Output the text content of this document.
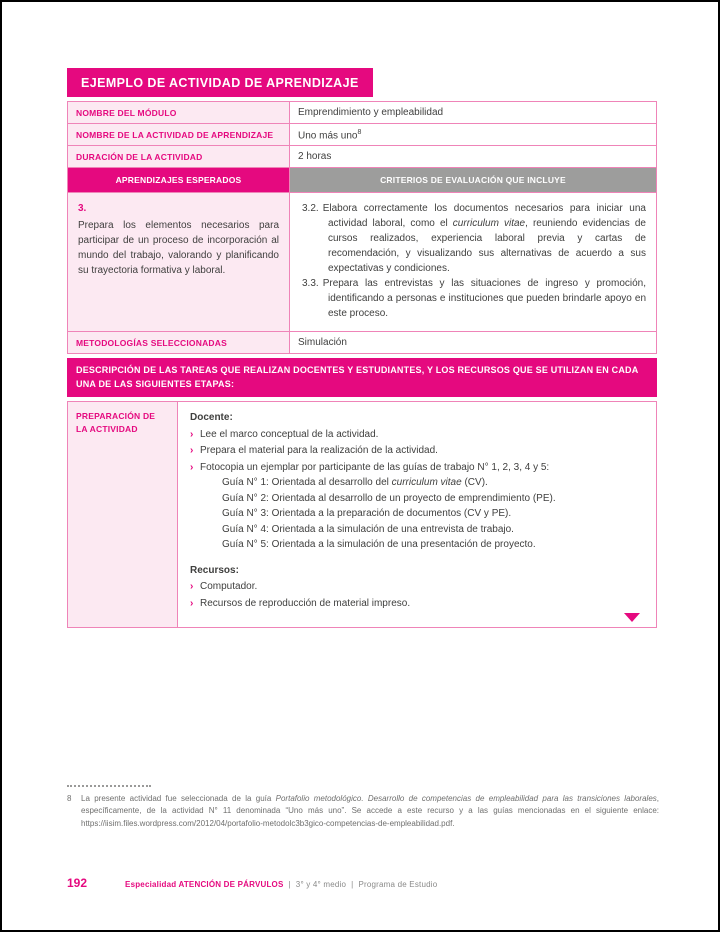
EJEMPLO DE ACTIVIDAD DE APRENDIZAJE
NOMBRE DEL MÓDULO	Emprendimiento y empleabilidad
NOMBRE DE LA ACTIVIDAD DE APRENDIZAJE	Uno más uno$^8$
DURACIÓN DE LA ACTIVIDAD	2 horas
APRENDIZAJES ESPERADOS	CRITERIOS DE EVALUACIÓN QUE INCLUYE
3.
Prepara los elementos necesarios para participar de un proceso de incorporación al mundo del trabajo, valorando y planificando su trayectoria formativa y laboral.
3.2. Elabora correctamente los documentos necesarios para iniciar una actividad laboral, como el curriculum vitae, reuniendo evidencias de cursos realizados, experiencia laboral previa y cartas de recomendación, y visualizando sus alternativas de acuerdo a sus expectativas y condiciones.
3.3. Prepara las entrevistas y las situaciones de ingreso y promoción, identificando a personas e instituciones que pueden brindarle apoyo en este proceso.
METODOLOGÍAS SELECCIONADAS	Simulación
DESCRIPCIÓN DE LAS TAREAS QUE REALIZAN DOCENTES Y ESTUDIANTES, Y LOS RECURSOS QUE SE UTILIZAN EN CADA UNA DE LAS SIGUIENTES ETAPAS:
PREPARACIÓN DE LA ACTIVIDAD
Docente:
› Lee el marco conceptual de la actividad.
› Prepara el material para la realización de la actividad.
› Fotocopia un ejemplar por participante de las guías de trabajo N° 1, 2, 3, 4 y 5:
Guía N° 1: Orientada al desarrollo del curriculum vitae (CV).
Guía N° 2: Orientada al desarrollo de un proyecto de emprendimiento (PE).
Guía N° 3: Orientada a la preparación de documentos (CV y PE).
Guía N° 4: Orientada a la simulación de una entrevista de trabajo.
Guía N° 5: Orientada a la simulación de una presentación de proyecto.
Recursos:
› Computador.
› Recursos de reproducción de material impreso.
8	La presente actividad fue seleccionada de la guía Portafolio metodológico. Desarrollo de competencias de empleabilidad para las transiciones laborales, específicamente, de la actividad N° 11 denominada “Uno más uno”. Se accede a este recurso y a las guías mencionadas en el siguiente enlace: https://iisim.files.wordpress.com/2012/04/portafolio-metodolc3b3gico-competencias-de-empleabilidad.pdf.
192	Especialidad ATENCIÓN DE PÁRVULOS | 3° y 4° medio | Programa de Estudio
